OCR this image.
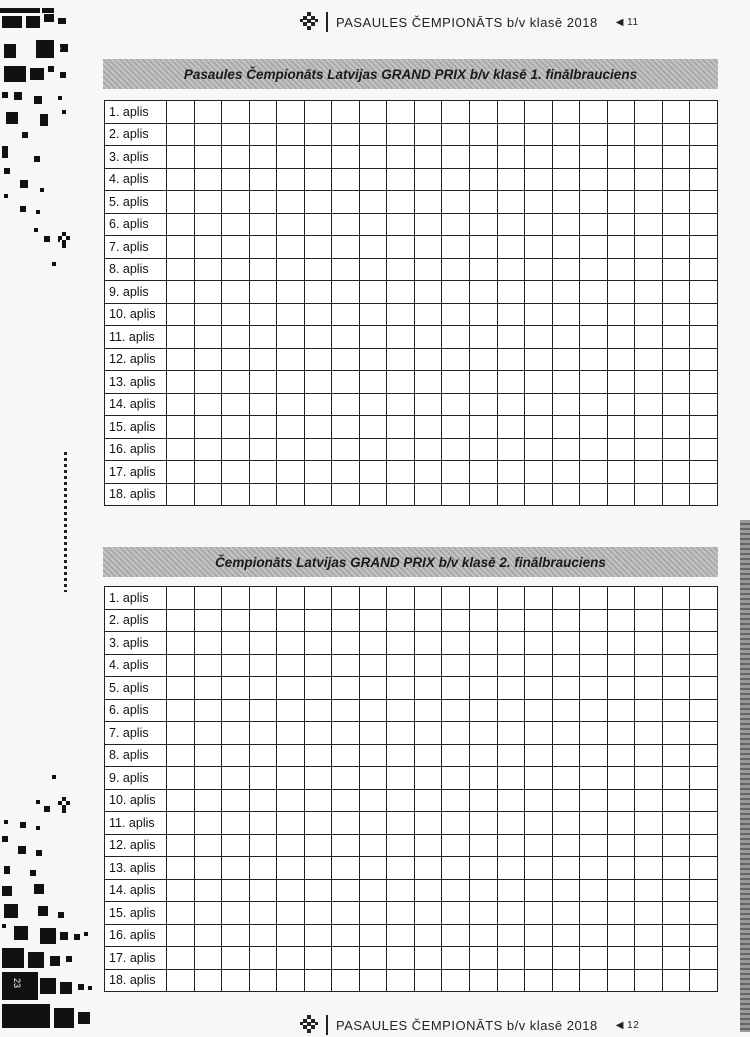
22
23
PASAULES ČEMPIONĀTS b/v klasē 2018 ◀ 11
Pasaules Čempionāts Latvijas GRAND PRIX b/v klasē 1. finālbrauciens
1. aplis																				
2. aplis																				
3. aplis																				
4. aplis																				
5. aplis																				
6. aplis																				
7. aplis																				
8. aplis																				
9. aplis																				
10. aplis																				
11. aplis																				
12. aplis																				
13. aplis																				
14. aplis																				
15. aplis																				
16. aplis																				
17. aplis																				
18. aplis																				
Čempionāts Latvijas GRAND PRIX b/v klasē 2. finālbrauciens
1. aplis																				
2. aplis																				
3. aplis																				
4. aplis																				
5. aplis																				
6. aplis																				
7. aplis																				
8. aplis																				
9. aplis																				
10. aplis																				
11. aplis																				
12. aplis																				
13. aplis																				
14. aplis																				
15. aplis																				
16. aplis																				
17. aplis																				
18. aplis																				
PASAULES ČEMPIONĀTS b/v klasē 2018 ◀ 12
